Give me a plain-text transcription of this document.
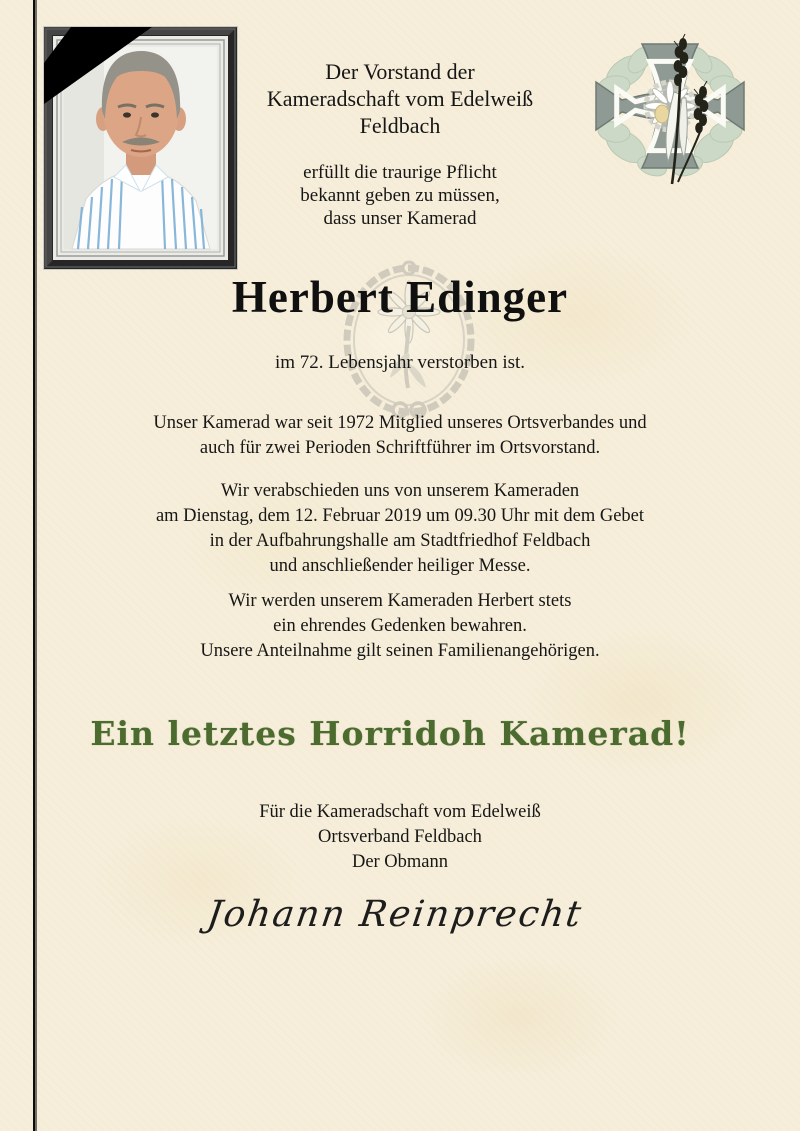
Der Vorstand der
Kameradschaft vom Edelweiß
Feldbach
erfüllt die traurige Pflicht
bekannt geben zu müssen,
dass unser Kamerad
Herbert Edinger
im 72. Lebensjahr verstorben ist.
Unser Kamerad war seit 1972 Mitglied unseres Ortsverbandes und
auch für zwei Perioden Schriftführer im Ortsvorstand.
Wir verabschieden uns von unserem Kameraden
am Dienstag, dem 12. Februar 2019 um 09.30 Uhr mit dem Gebet
in der Aufbahrungshalle am Stadtfriedhof Feldbach
und anschließender heiliger Messe.
Wir werden unserem Kameraden Herbert stets
ein ehrendes Gedenken bewahren.
Unsere Anteilnahme gilt seinen Familienangehörigen.
Ein letztes Horridoh Kamerad!
Für die Kameradschaft vom Edelweiß
Ortsverband Feldbach
Der Obmann
Johann Reinprecht
